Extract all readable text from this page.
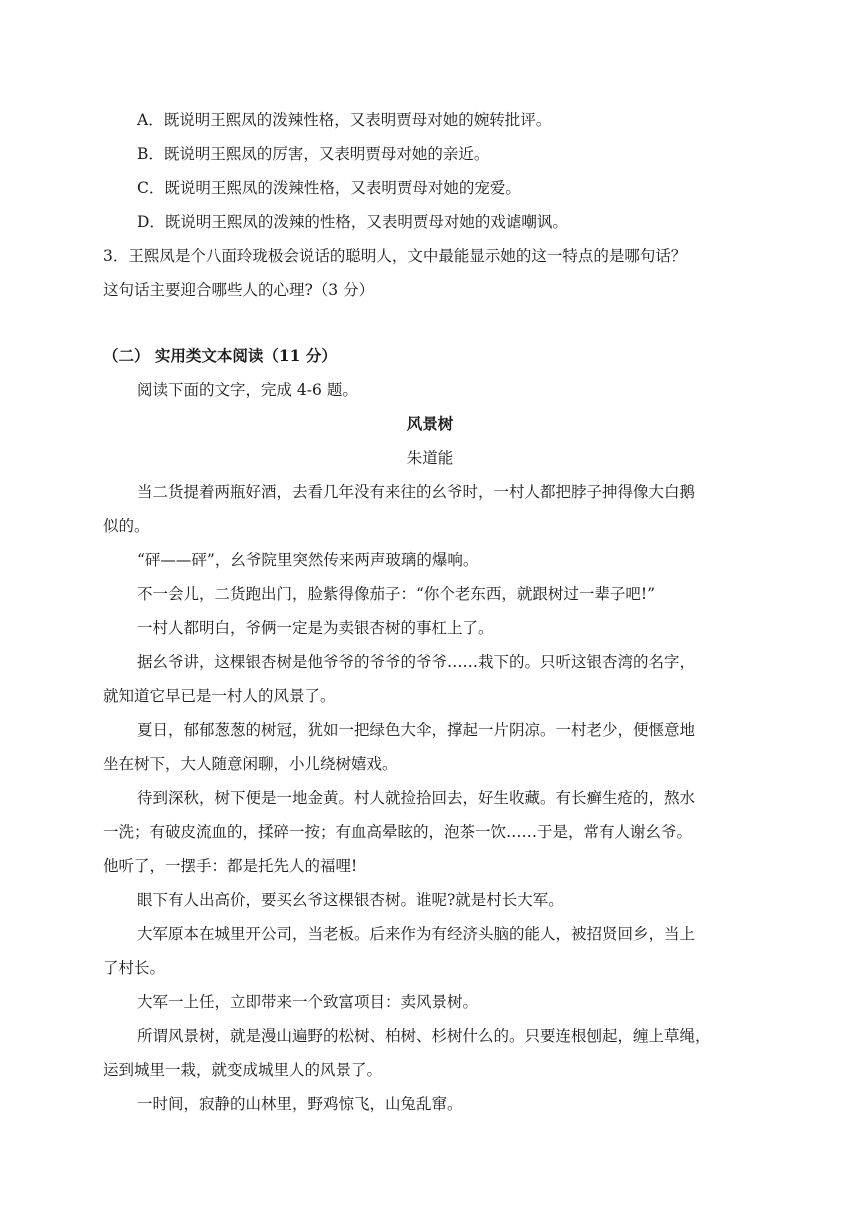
A．既说明王熙凤的泼辣性格，又表明贾母对她的婉转批评。
B．既说明王熙凤的厉害，又表明贾母对她的亲近。
C．既说明王熙凤的泼辣性格，又表明贾母对她的宠爱。
D．既说明王熙凤的泼辣的性格，又表明贾母对她的戏谑嘲讽。
3．王熙凤是个八面玲珑极会说话的聪明人，文中最能显示她的这一特点的是哪句话？
这句话主要迎合哪些人的心理?（3 分）
（二） 实用类文本阅读（11 分）
阅读下面的文字，完成 4-6 题。
风景树
朱道能
当二货提着两瓶好酒，去看几年没有来往的幺爷时，一村人都把脖子抻得像大白鹅
似的。
“砰——砰”，幺爷院里突然传来两声玻璃的爆响。
不一会儿，二货跑出门，脸紫得像茄子：“你个老东西，就跟树过一辈子吧!”
一村人都明白，爷俩一定是为卖银杏树的事杠上了。
据幺爷讲，这棵银杏树是他爷爷的爷爷的爷爷……栽下的。只听这银杏湾的名字，
就知道它早已是一村人的风景了。
夏日，郁郁葱葱的树冠，犹如一把绿色大伞，撑起一片阴凉。一村老少，便惬意地
坐在树下，大人随意闲聊，小儿绕树嬉戏。
待到深秋，树下便是一地金黄。村人就捡拾回去，好生收藏。有长癣生疮的，熬水
一洗；有破皮流血的，揉碎一按；有血高晕眩的，泡茶一饮……于是，常有人谢幺爷。
他听了，一摆手：都是托先人的福哩!
眼下有人出高价，要买幺爷这棵银杏树。谁呢?就是村长大军。
大军原本在城里开公司，当老板。后来作为有经济头脑的能人，被招贤回乡，当上
了村长。
大军一上任，立即带来一个致富项目：卖风景树。
所谓风景树，就是漫山遍野的松树、柏树、杉树什么的。只要连根刨起，缠上草绳，
运到城里一栽，就变成城里人的风景了。
一时间，寂静的山林里，野鸡惊飞，山兔乱窜。
